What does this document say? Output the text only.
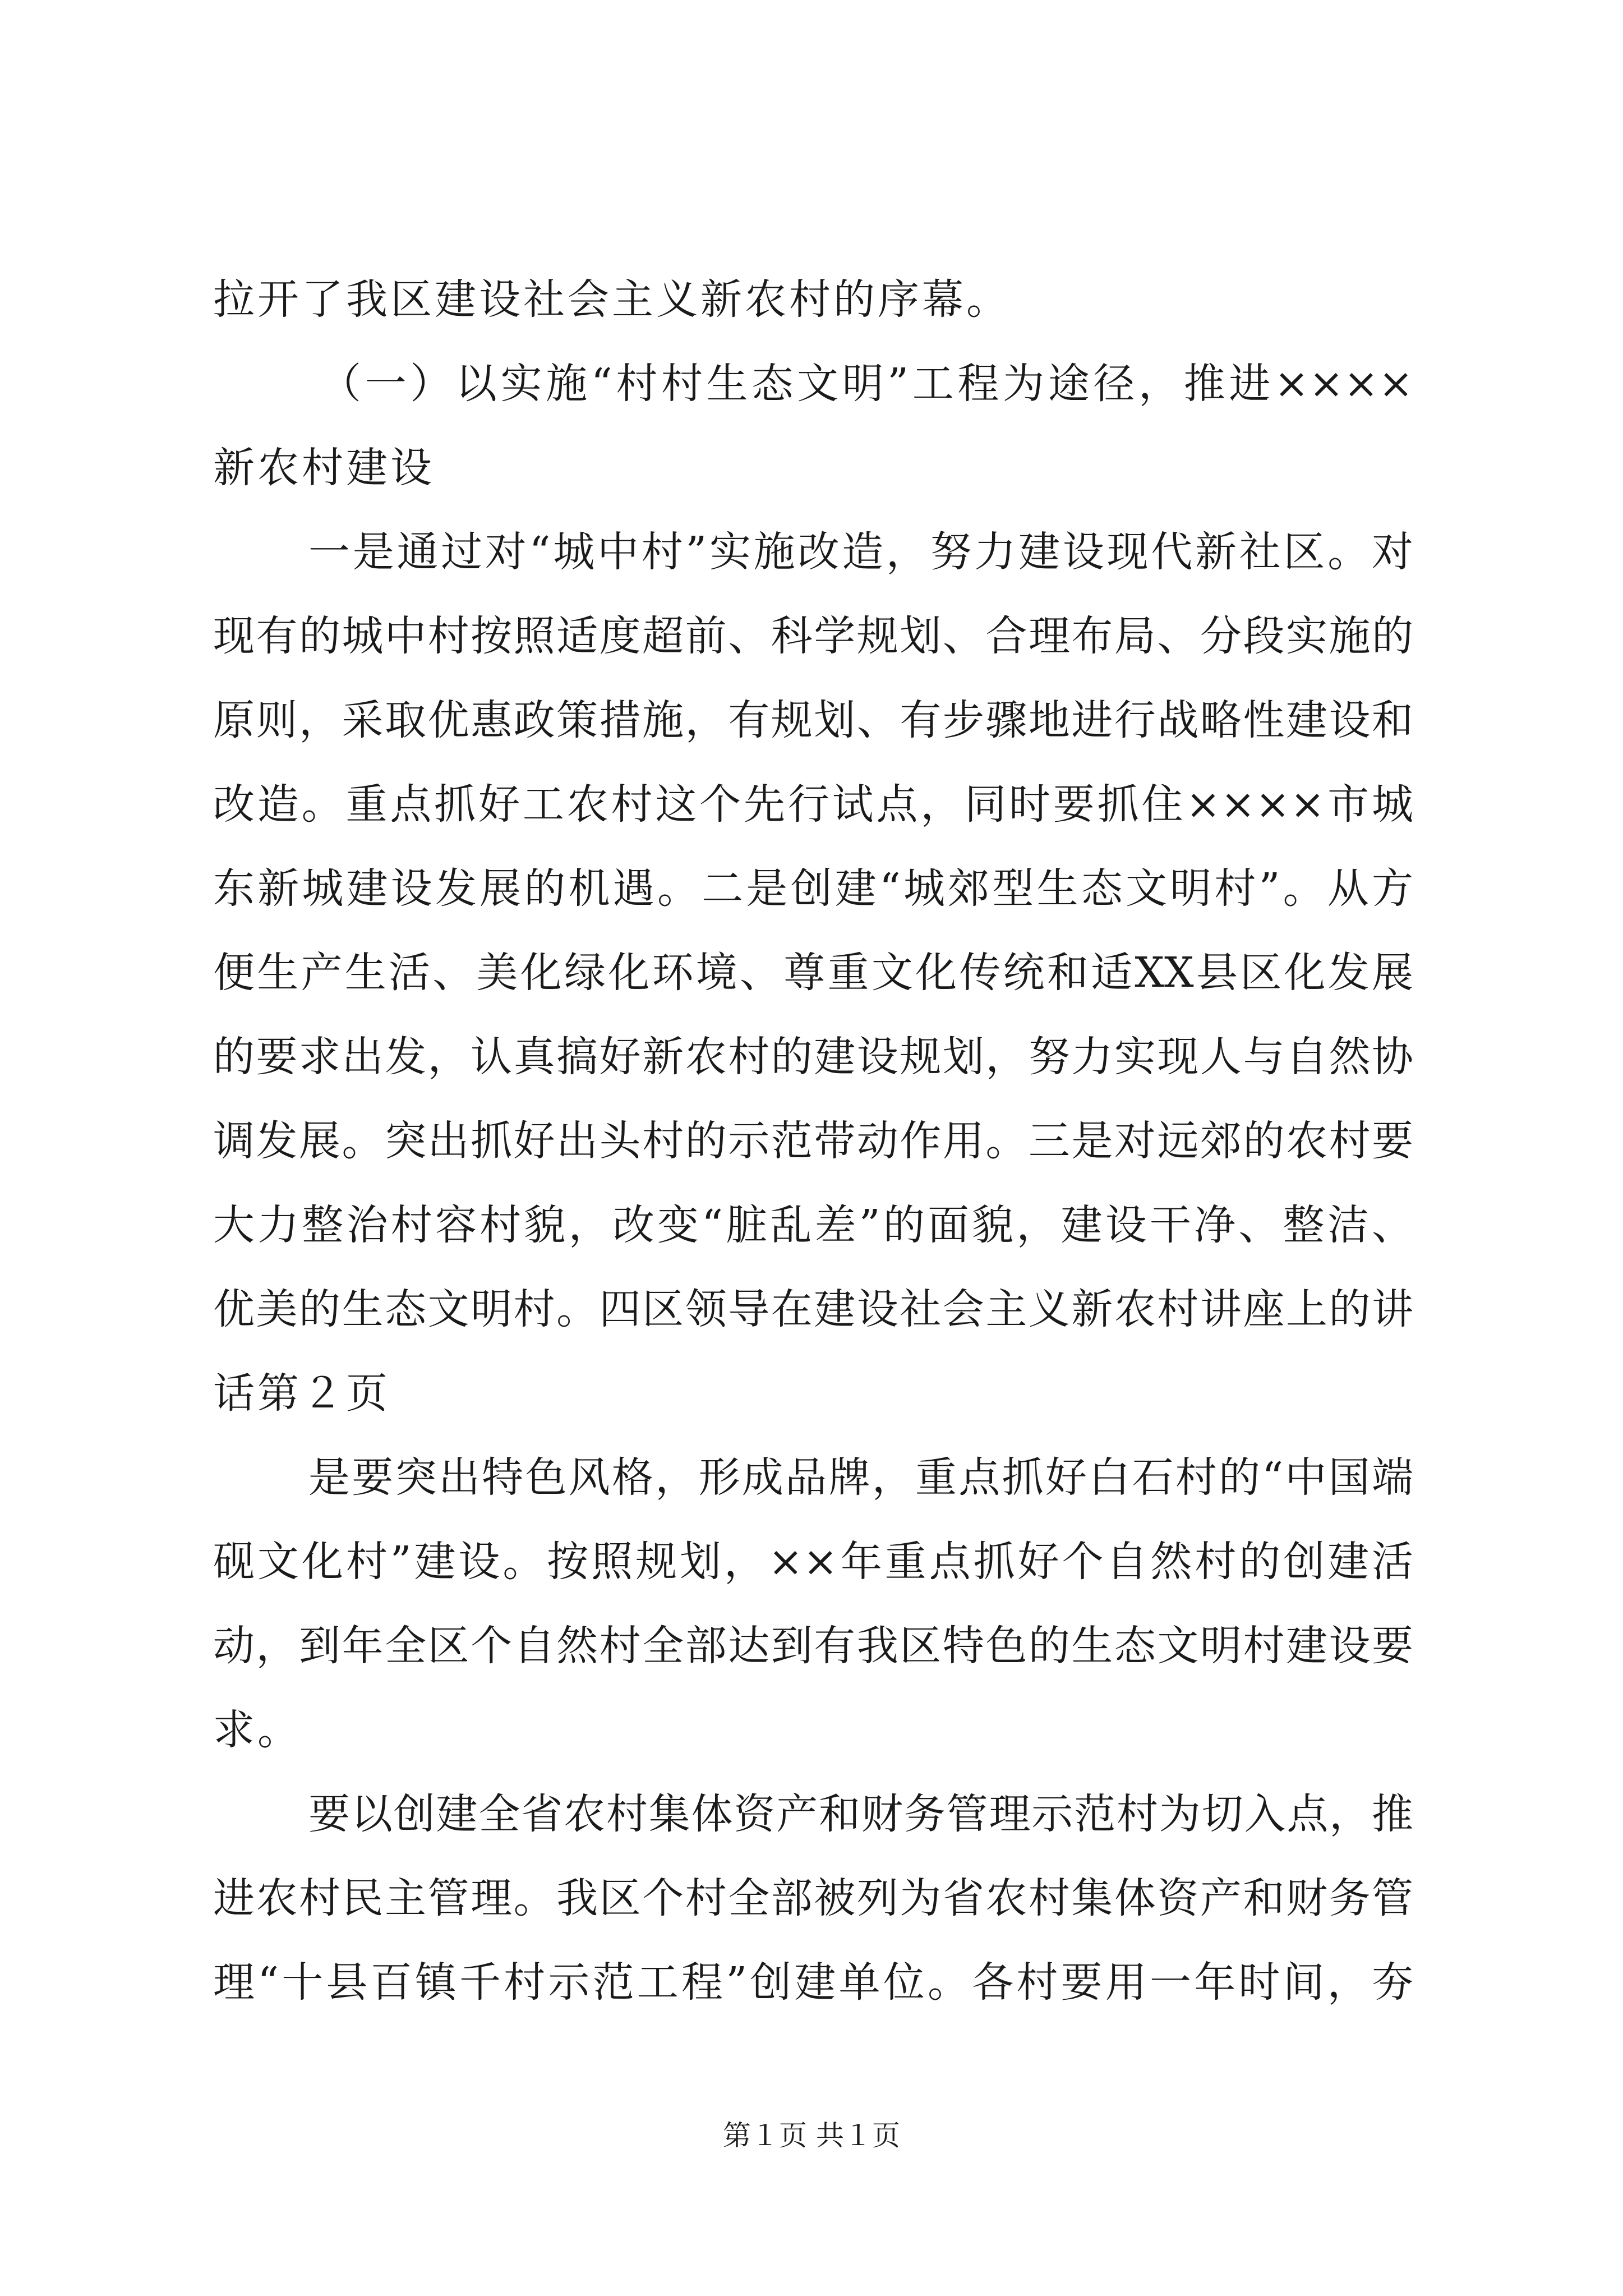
拉开了我区建设社会主义新农村的序幕。
（一）以实施“村村生态文明”工程为途径，推进××××
新农村建设
一是通过对“城中村”实施改造，努力建设现代新社区。对
现有的城中村按照适度超前、科学规划、合理布局、分段实施的
原则，采取优惠政策措施，有规划、有步骤地进行战略性建设和
改造。重点抓好工农村这个先行试点，同时要抓住××××市城
东新城建设发展的机遇。二是创建“城郊型生态文明村”。从方
便生产生活、美化绿化环境、尊重文化传统和适XX县区化发展
的要求出发，认真搞好新农村的建设规划，努力实现人与自然协
调发展。突出抓好出头村的示范带动作用。三是对远郊的农村要
大力整治村容村貌，改变“脏乱差”的面貌，建设干净、整洁、
优美的生态文明村。四区领导在建设社会主义新农村讲座上的讲
话第２页
是要突出特色风格，形成品牌，重点抓好白石村的“中国端
砚文化村”建设。按照规划，××年重点抓好个自然村的创建活
动，到年全区个自然村全部达到有我区特色的生态文明村建设要
求。
要以创建全省农村集体资产和财务管理示范村为切入点，推
进农村民主管理。我区个村全部被列为省农村集体资产和财务管
理“十县百镇千村示范工程”创建单位。各村要用一年时间，夯
第１页 共１页
